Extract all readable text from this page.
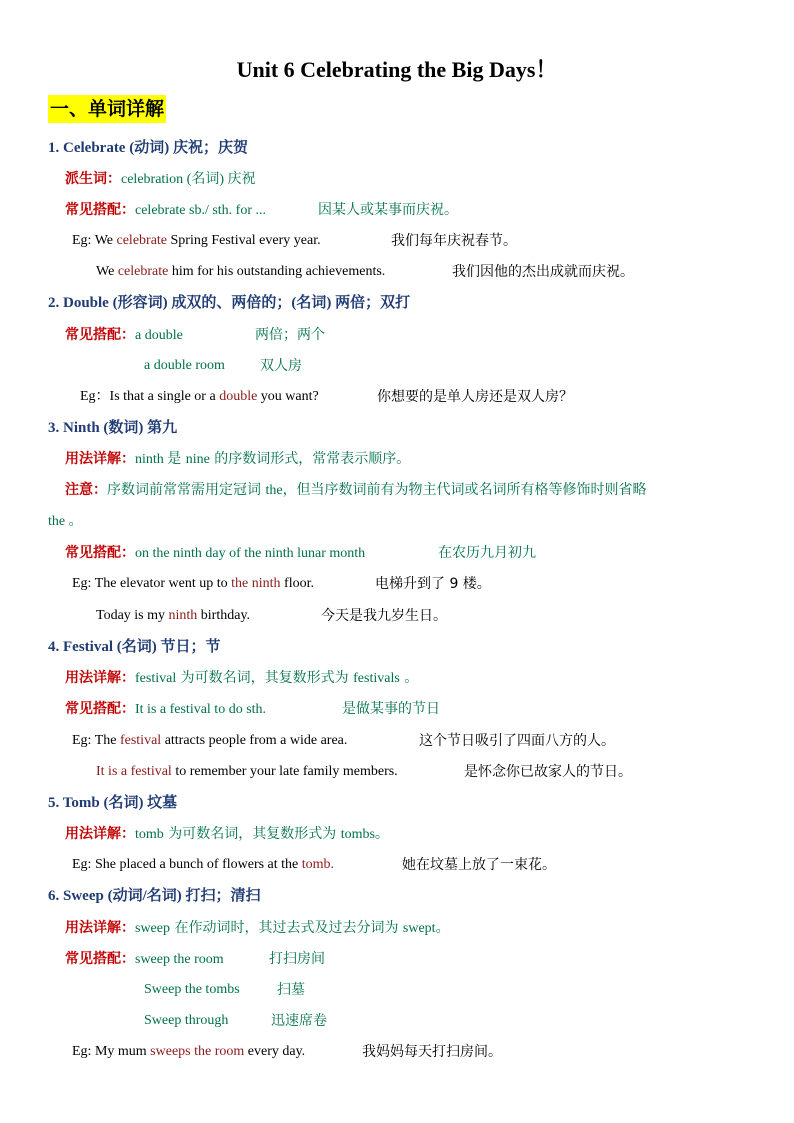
Unit 6 Celebrating the Big Days！
一、单词详解
1. Celebrate (动词) 庆祝；庆贺
派生词：celebration (名词) 庆祝
常见搭配：celebrate sb./ sth. for ...	因某人或某事而庆祝。
Eg: We celebrate Spring Festival every year.	我们每年庆祝春节。
We celebrate him for his outstanding achievements.	我们因他的杰出成就而庆祝。
2. Double (形容词) 成双的、两倍的；(名词) 两倍；双打
常见搭配：a double	两倍；两个
a double room	双人房
Eg：Is that a single or a double you want?	你想要的是单人房还是双人房？
3. Ninth (数词) 第九
用法详解：ninth 是 nine 的序数词形式，常常表示顺序。
注意：序数词前常常需用定冠词 the，但当序数词前有为物主代词或名词所有格等修饰时则省略
the 。
常见搭配：on the ninth day of the ninth lunar month	在农历九月初九
Eg: The elevator went up to the ninth floor.	电梯升到了 9 楼。
Today is my ninth birthday.	今天是我九岁生日。
4. Festival (名词) 节日；节
用法详解：festival 为可数名词，其复数形式为 festivals 。
常见搭配：It is a festival to do sth.	是做某事的节日
Eg: The festival attracts people from a wide area.	这个节日吸引了四面八方的人。
It is a festival to remember your late family members.	是怀念你已故家人的节日。
5. Tomb (名词) 坟墓
用法详解：tomb 为可数名词，其复数形式为 tombs。
Eg: She placed a bunch of flowers at the tomb.	她在坟墓上放了一束花。
6. Sweep (动词/名词) 打扫；清扫
用法详解：sweep 在作动词时，其过去式及过去分词为 swept。
常见搭配：sweep the room	打扫房间
Sweep the tombs	扫墓
Sweep through	迅速席卷
Eg: My mum sweeps the room every day.	我妈妈每天打扫房间。
